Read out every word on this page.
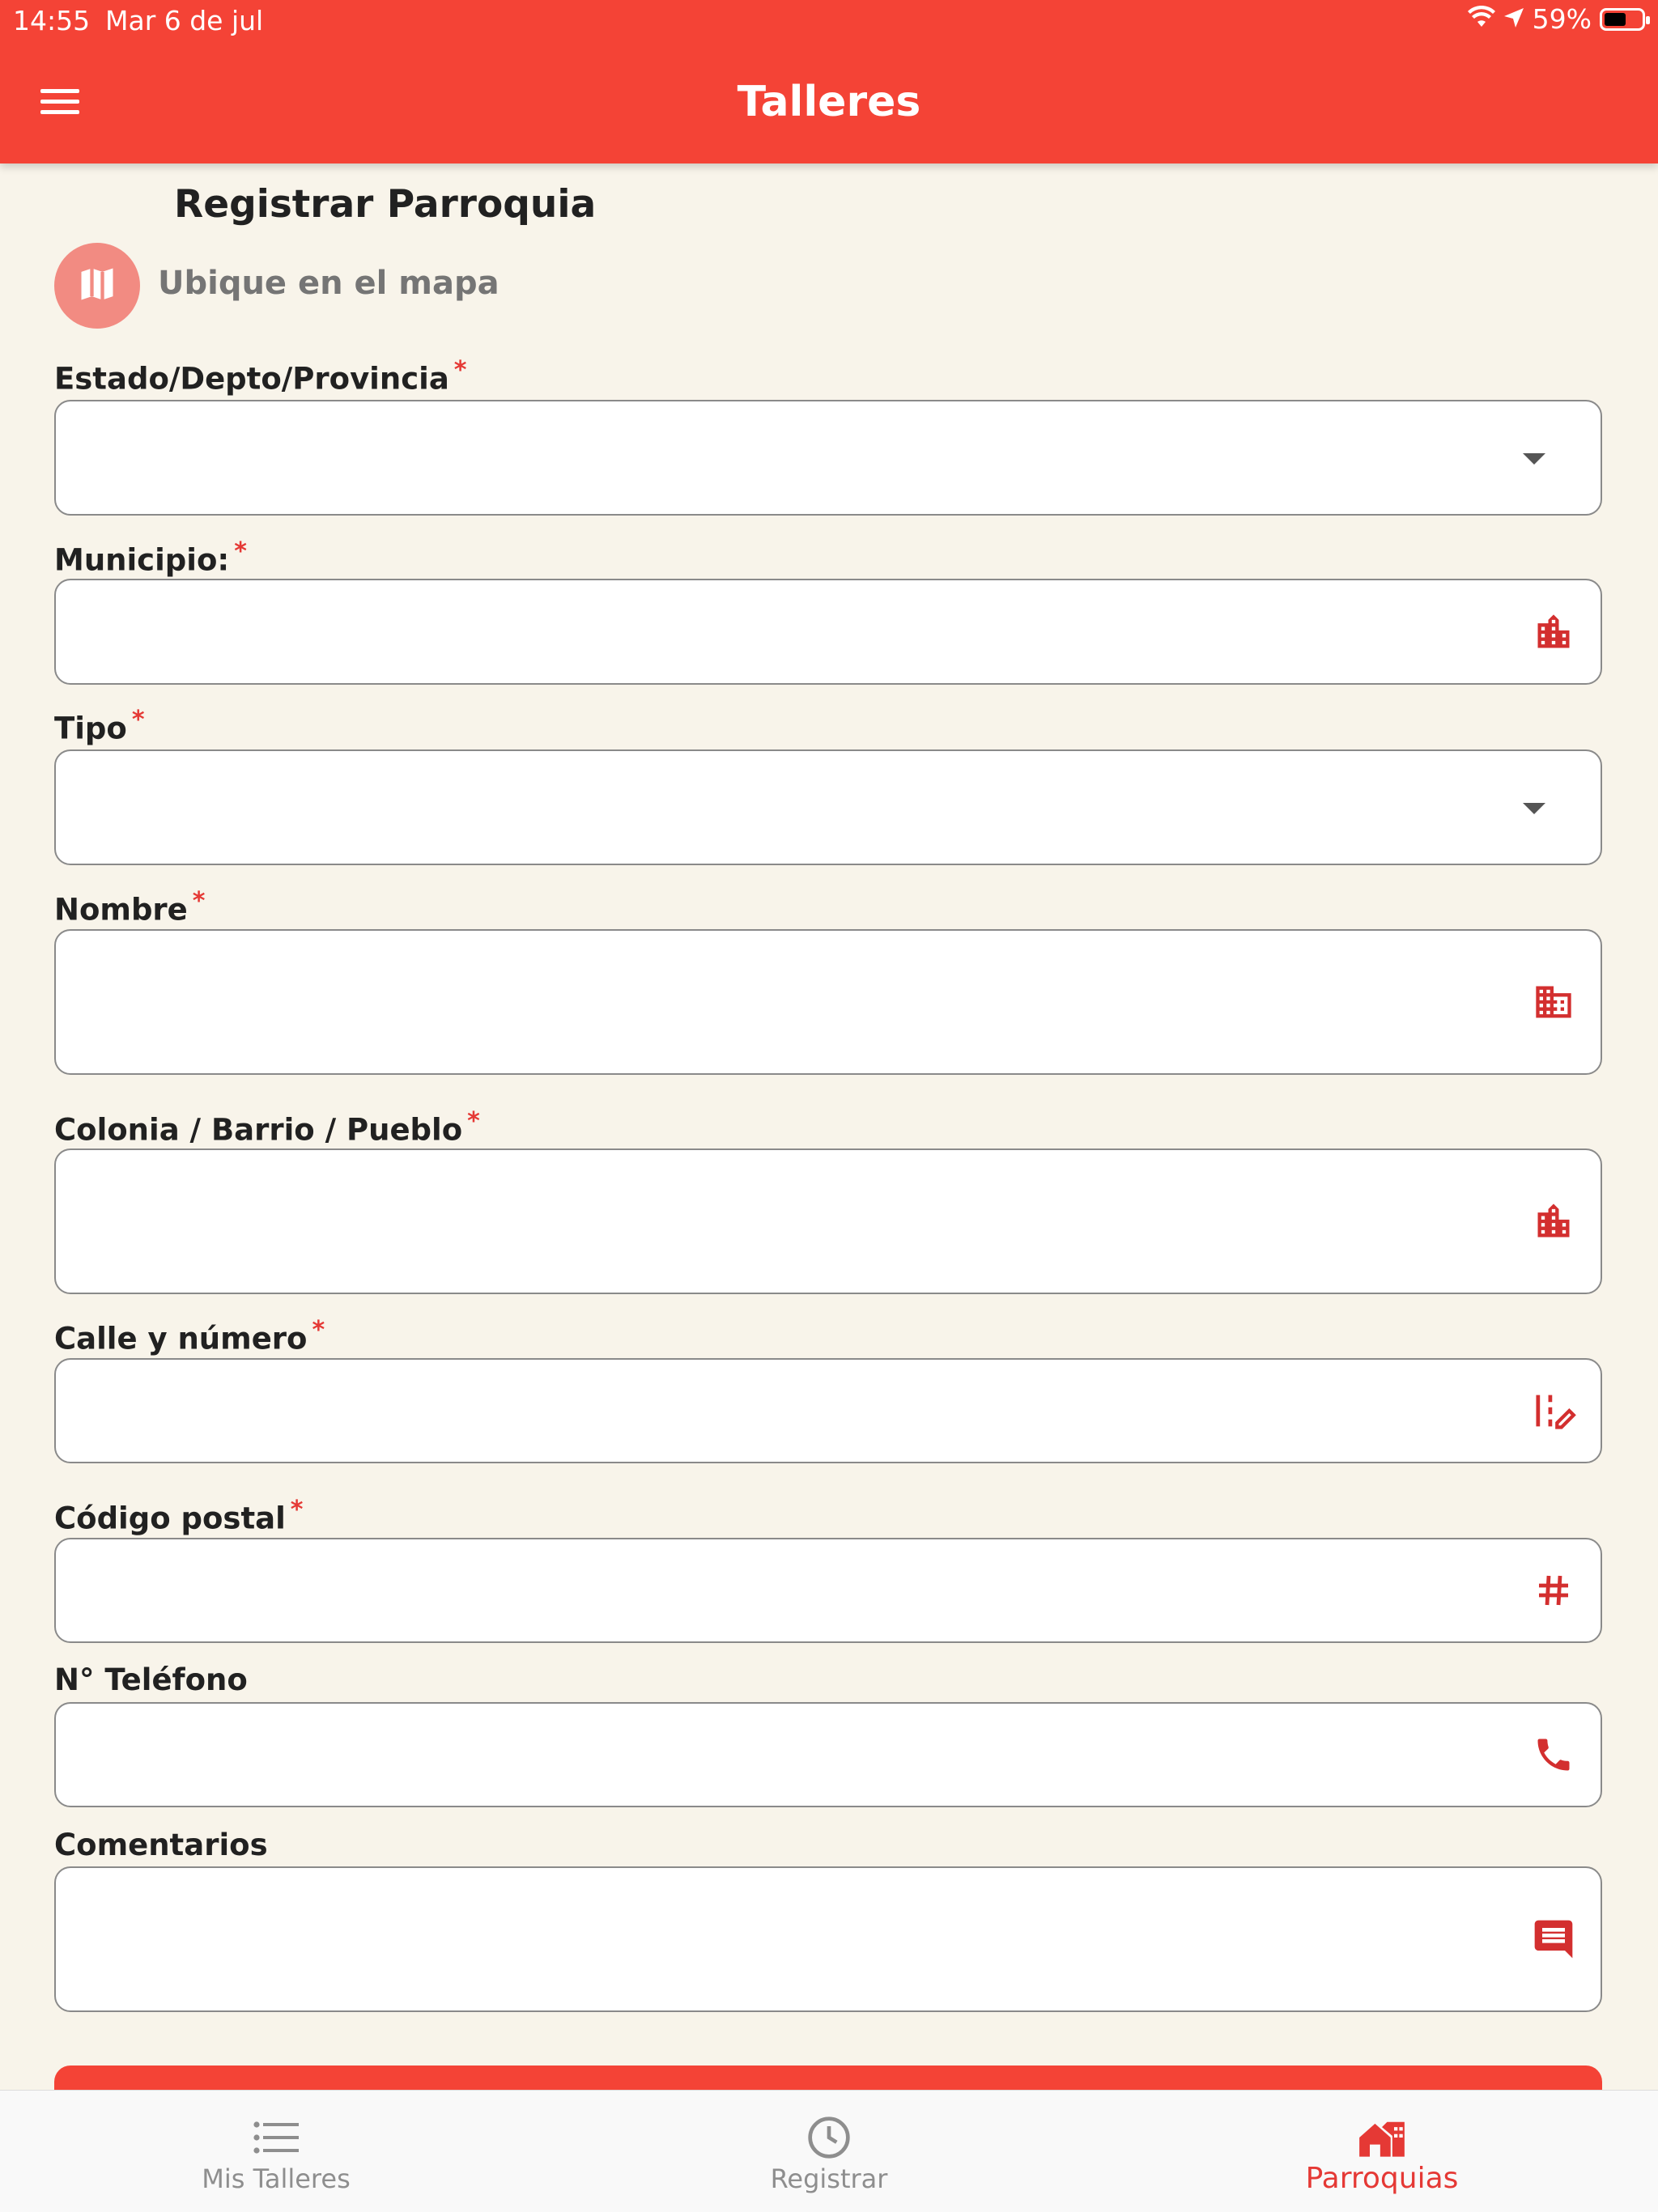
14:55 Mar 6 de jul	59%
Talleres
Registrar Parroquia
Ubique en el mapa
Estado/Depto/Provincia *
Municipio: *
Tipo *
Nombre *
Colonia / Barrio / Pueblo *
Calle y número *
Código postal *
N° Teléfono
Comentarios
Mis Talleres	Registrar	Parroquias
